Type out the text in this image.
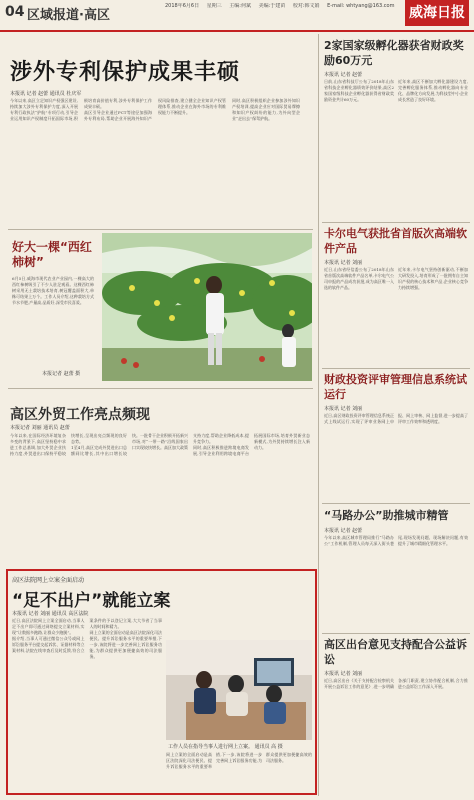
04 区域报道·高区
2018年6月6日 星期三 主编:何斌 美编:于建苗 校对:韩文娟 E-mail: whtyang@163.com 威海日报
涉外专利保护成果丰硕
本报讯 记者 赵蕾 通讯员 杜庆军

今年以来,高区立足知识产权强区建设,持续加大涉外专利保护力度,深入开展专利行政执法“护航”专项行动,引导企业运用知识产权制度开拓国际市场,积极培育高价值专利,涉外专利保护工作成果丰硕。

高区引导企业通过PCT等途径加强海外专利布局,帮助企业开展海外知识产权风险排查,建立健全企业知识产权管理体系,推动企业在海外市场的专利维权能力不断提升。

同时,高区积极组织企业参加涉外知识产权培训,提高企业应对国际贸易摩擦和知识产权纠纷的能力,为外向型企业“走出去”保驾护航。

好大一棵“西红柿树”

6月5日,威海市现代农业产业园内,一棵高大的西红柿树吸引了不少人驻足观看。这棵西红柿树采用无土栽培技术培育,树冠覆盖面积大,单株可结果上万个。工作人员介绍,这种栽培方式节水节肥,产量高,品质好,深受市民喜爱。

本报记者 赵蕾 摄
高区外贸工作亮点频现
本报记者 刘丽 通讯员 赵蕾

今年以来,在国际经济环境复杂多变的背景下,高区坚持稳中求进工作总基调,加大外贸企业扶持力度,外贸进出口保持平稳较快增长,呈现出亮点频现的良好态势。

1至4月,高区完成外贸进出口总额同比增长,其中出口增长较快。一批骨干企业积极开拓新兴市场,对“一带一路”沿线国家出口实现较快增长。高区加大政策支持力度,帮助企业降低成本,提升竞争力。

同时,高区积极推进跨境电商发展,引导企业利用跨境电商平台拓展国际市场,培育外贸新业态新模式,为外贸持续增长注入新动力。

高区法院网上立案全面启动
“足不出户”就能立案
本报讯 记者 刘丽 通讯员 高区法院

近日,高区法院网上立案全面启动,当事人足不出户即可通过网络提交立案材料,实现“让数据多跑路,让群众少跑腿”。

据介绍,当事人可通过微信公众号或网上诉讼服务平台提交起诉状、证据材料等立案材料,法院在线审查后及时反馈,符合立案条件的予以登记立案,大大节省了当事人的时间和精力。

网上立案的全面启动是高区法院深化司法便民、提升诉讼服务水平的重要举措,下一步,该院将进一步完善网上诉讼服务功能,为群众提供更加便捷高效的司法服务。

工作人员在指导当事人进行网上立案。 通讯员 高 摄

网上立案的全面启动是高区法院深化司法便民、提升诉讼服务水平的重要举措,下一步,该院将进一步完善网上诉讼服务功能,为群众提供更加便捷高效的司法服务。

2家国家级孵化器获省财政奖励60万元
本报讯 记者 赵蕾

日前,山东省科技厅公布了2018年山东省科技企业孵化器绩效评价结果,高区2家国家级科技企业孵化器获得省财政奖励资金共计60万元。

近年来,高区不断加大孵化器建设力度,完善孵化服务体系,推动孵化器向专业化、品牌化方向发展,为科技型中小企业成长营造了良好环境。

卡尔电气获批省首版次高端软件产品
本报讯 记者 刘丽

近日,山东省经信委公布了2018年山东省首版次高端软件产品名单,卡尔电气公司申报的产品成功获批,成为高区唯一入选的软件产品。

近年来,卡尔电气坚持创新驱动,不断加大研发投入,培育形成了一批拥有自主知识产权的核心技术和产品,企业核心竞争力持续增强。

财政投资评审管理信息系统试运行
本报讯 记者 刘丽

近日,高区财政投资评审管理信息系统正式上线试运行,实现了评审业务网上申报、网上审核、网上监督,进一步提高了评审工作效率和透明度。

“马路办公”助推城市精管
本报讯 记者 赵蕾

今年以来,高区城市管理局推行“马路办公”工作机制,管理人员每天深入街头巷尾,现场发现问题、现场解决问题,有效提升了城市精细化管理水平。

高区出台意见支持配合公益诉讼
本报讯 记者 刘丽

近日,高区出台《关于支持配合检察机关开展公益诉讼工作的意见》,进一步明确各部门职责,建立协作配合机制,合力推进公益诉讼工作深入开展。
